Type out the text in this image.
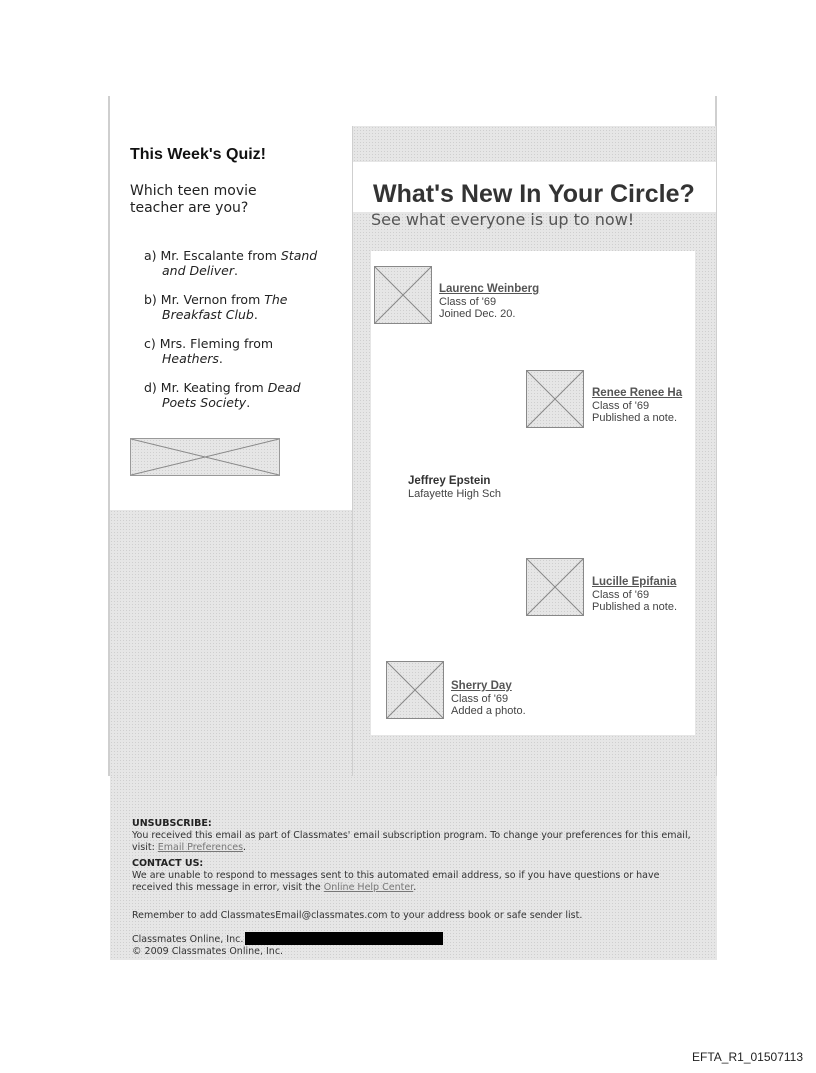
This Week's Quiz!

Which teen movie teacher are you?

a) Mr. Escalante from Stand
and Deliver.
b) Mr. Vernon from The
Breakfast Club.
c) Mrs. Fleming from
Heathers.
d) Mr. Keating from Dead
Poets Society.
What's New In Your Circle?

See what everyone is up to now!

Laurenc Weinberg
Class of '69
Joined Dec. 20.
Renee Renee Ha
Class of '69
Published a note.
Jeffrey Epstein
Lafayette High Sch
Lucille Epifania
Class of '69
Published a note.
Sherry Day
Class of '69
Added a photo.

UNSUBSCRIBE:
You received this email as part of Classmates' email subscription program. To change your preferences for this email, visit: Email Preferences.

CONTACT US:
We are unable to respond to messages sent to this automated email address, so if you have questions or have received this message in error, visit the Online Help Center.

Remember to add ClassmatesEmail@classmates.com to your address book or safe sender list.

Classmates Online, Inc.
© 2009 Classmates Online, Inc.

EFTA_R1_01507113
